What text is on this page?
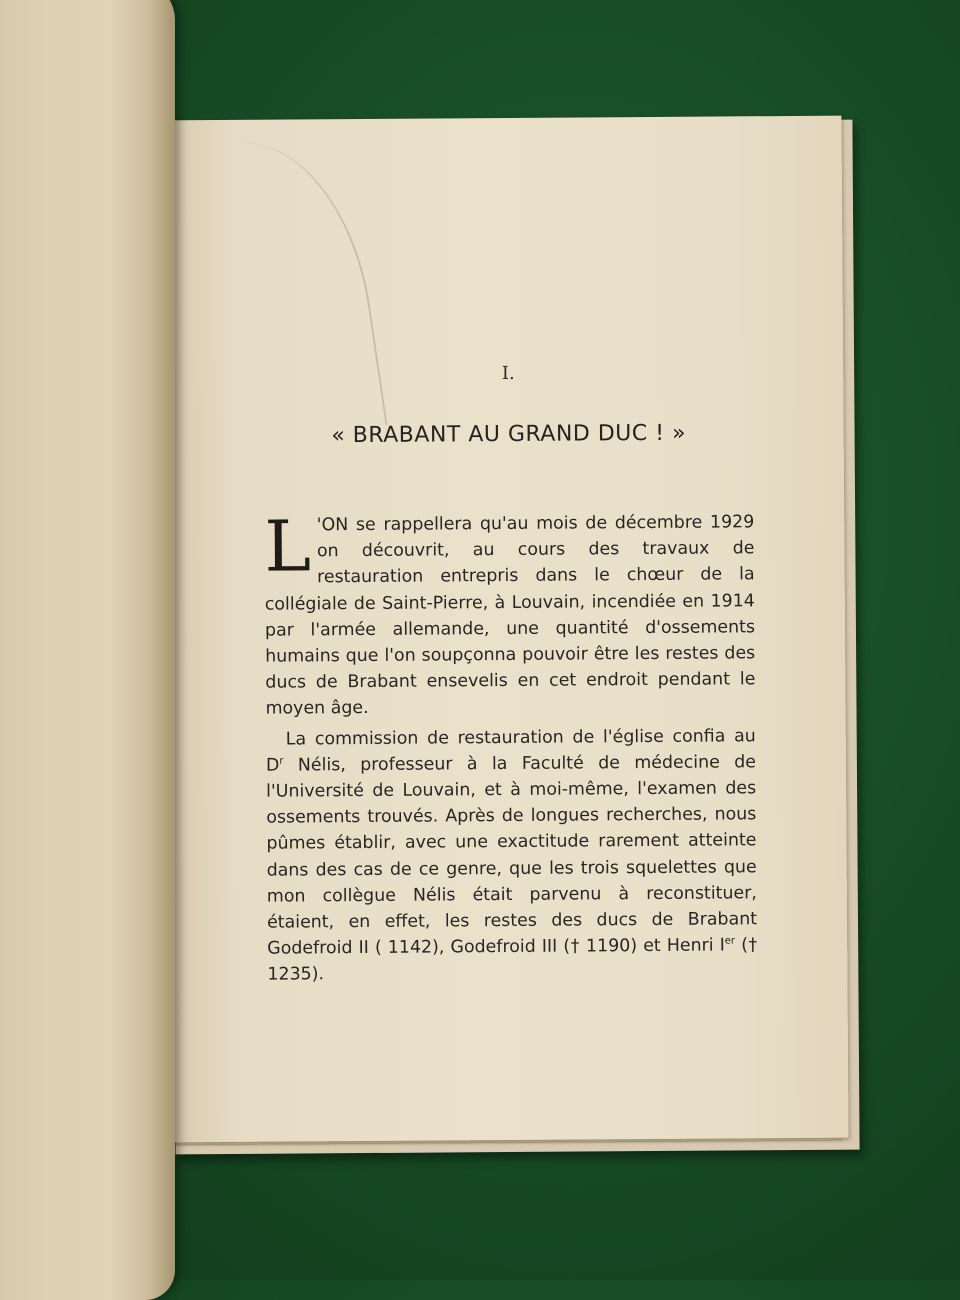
I.
« BRABANT AU GRAND DUC ! »

L 'ON se rappellera qu'au mois de décembre 1929 on découvrit, au cours des travaux de restauration entrepris dans le chœur de la collégiale de Saint-Pierre, à Louvain, incendiée en 1914 par l'armée allemande, une quantité d'ossements humains que l'on soupçonna pouvoir être les restes des ducs de Brabant ensevelis en cet endroit pendant le moyen âge.

La commission de restauration de l'église confia au $D^r$ Nélis, professeur à la Faculté de médecine de l'Université de Louvain, et à moi-même, l'examen des ossements trouvés. Après de longues recherches, nous pûmes établir, avec une exactitude rarement atteinte dans des cas de ce genre, que les trois squelettes que mon collègue Nélis était parvenu à reconstituer, étaient, en effet, les restes des ducs de Brabant Godefroid II ( 1142), Godefroid III († 1190) et Henri Ier († 1235).
